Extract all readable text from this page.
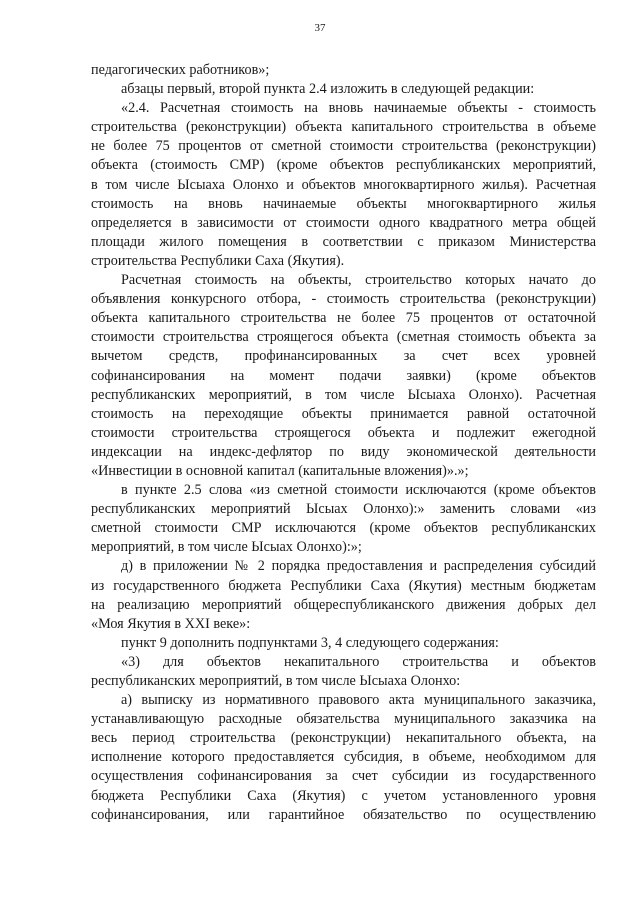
37

педагогических работников»;

абзацы первый, второй пункта 2.4 изложить в следующей редакции:

«2.4. Расчетная стоимость на вновь начинаемые объекты - стоимость

строительства (реконструкции) объекта капитального строительства в объеме

не более 75 процентов от сметной стоимости строительства (реконструкции)

объекта (стоимость СМР) (кроме объектов республиканских мероприятий,

в том числе Ысыаха Олонхо и объектов многоквартирного жилья). Расчетная

стоимость на вновь начинаемые объекты многоквартирного жилья

определяется в зависимости от стоимости одного квадратного метра общей

площади жилого помещения в соответствии с приказом Министерства

строительства Республики Саха (Якутия).

Расчетная стоимость на объекты, строительство которых начато до

объявления конкурсного отбора, - стоимость строительства (реконструкции)

объекта капитального строительства не более 75 процентов от остаточной

стоимости строительства строящегося объекта (сметная стоимость объекта за

вычетом средств, профинансированных за счет всех уровней

софинансирования на момент подачи заявки) (кроме объектов

республиканских мероприятий, в том числе Ысыаха Олонхо). Расчетная

стоимость на переходящие объекты принимается равной остаточной

стоимости строительства строящегося объекта и подлежит ежегодной

индексации на индекс-дефлятор по виду экономической деятельности

«Инвестиции в основной капитал (капитальные вложения)».»;

в пункте 2.5 слова «из сметной стоимости исключаются (кроме объектов

республиканских мероприятий Ысыах Олонхо):» заменить словами «из

сметной стоимости СМР исключаются (кроме объектов республиканских

мероприятий, в том числе Ысыах Олонхо):»;

д) в приложении № 2 порядка предоставления и распределения субсидий

из государственного бюджета Республики Саха (Якутия) местным бюджетам

на реализацию мероприятий общереспубликанского движения добрых дел

«Моя Якутия в XXI веке»:

пункт 9 дополнить подпунктами 3, 4 следующего содержания:

«3) для объектов некапитального строительства и объектов

республиканских мероприятий, в том числе Ысыаха Олонхо:

а) выписку из нормативного правового акта муниципального заказчика,

устанавливающую расходные обязательства муниципального заказчика на

весь период строительства (реконструкции) некапитального объекта, на

исполнение которого предоставляется субсидия, в объеме, необходимом для

осуществления софинансирования за счет субсидии из государственного

бюджета Республики Саха (Якутия) с учетом установленного уровня

софинансирования, или гарантийное обязательство по осуществлению
